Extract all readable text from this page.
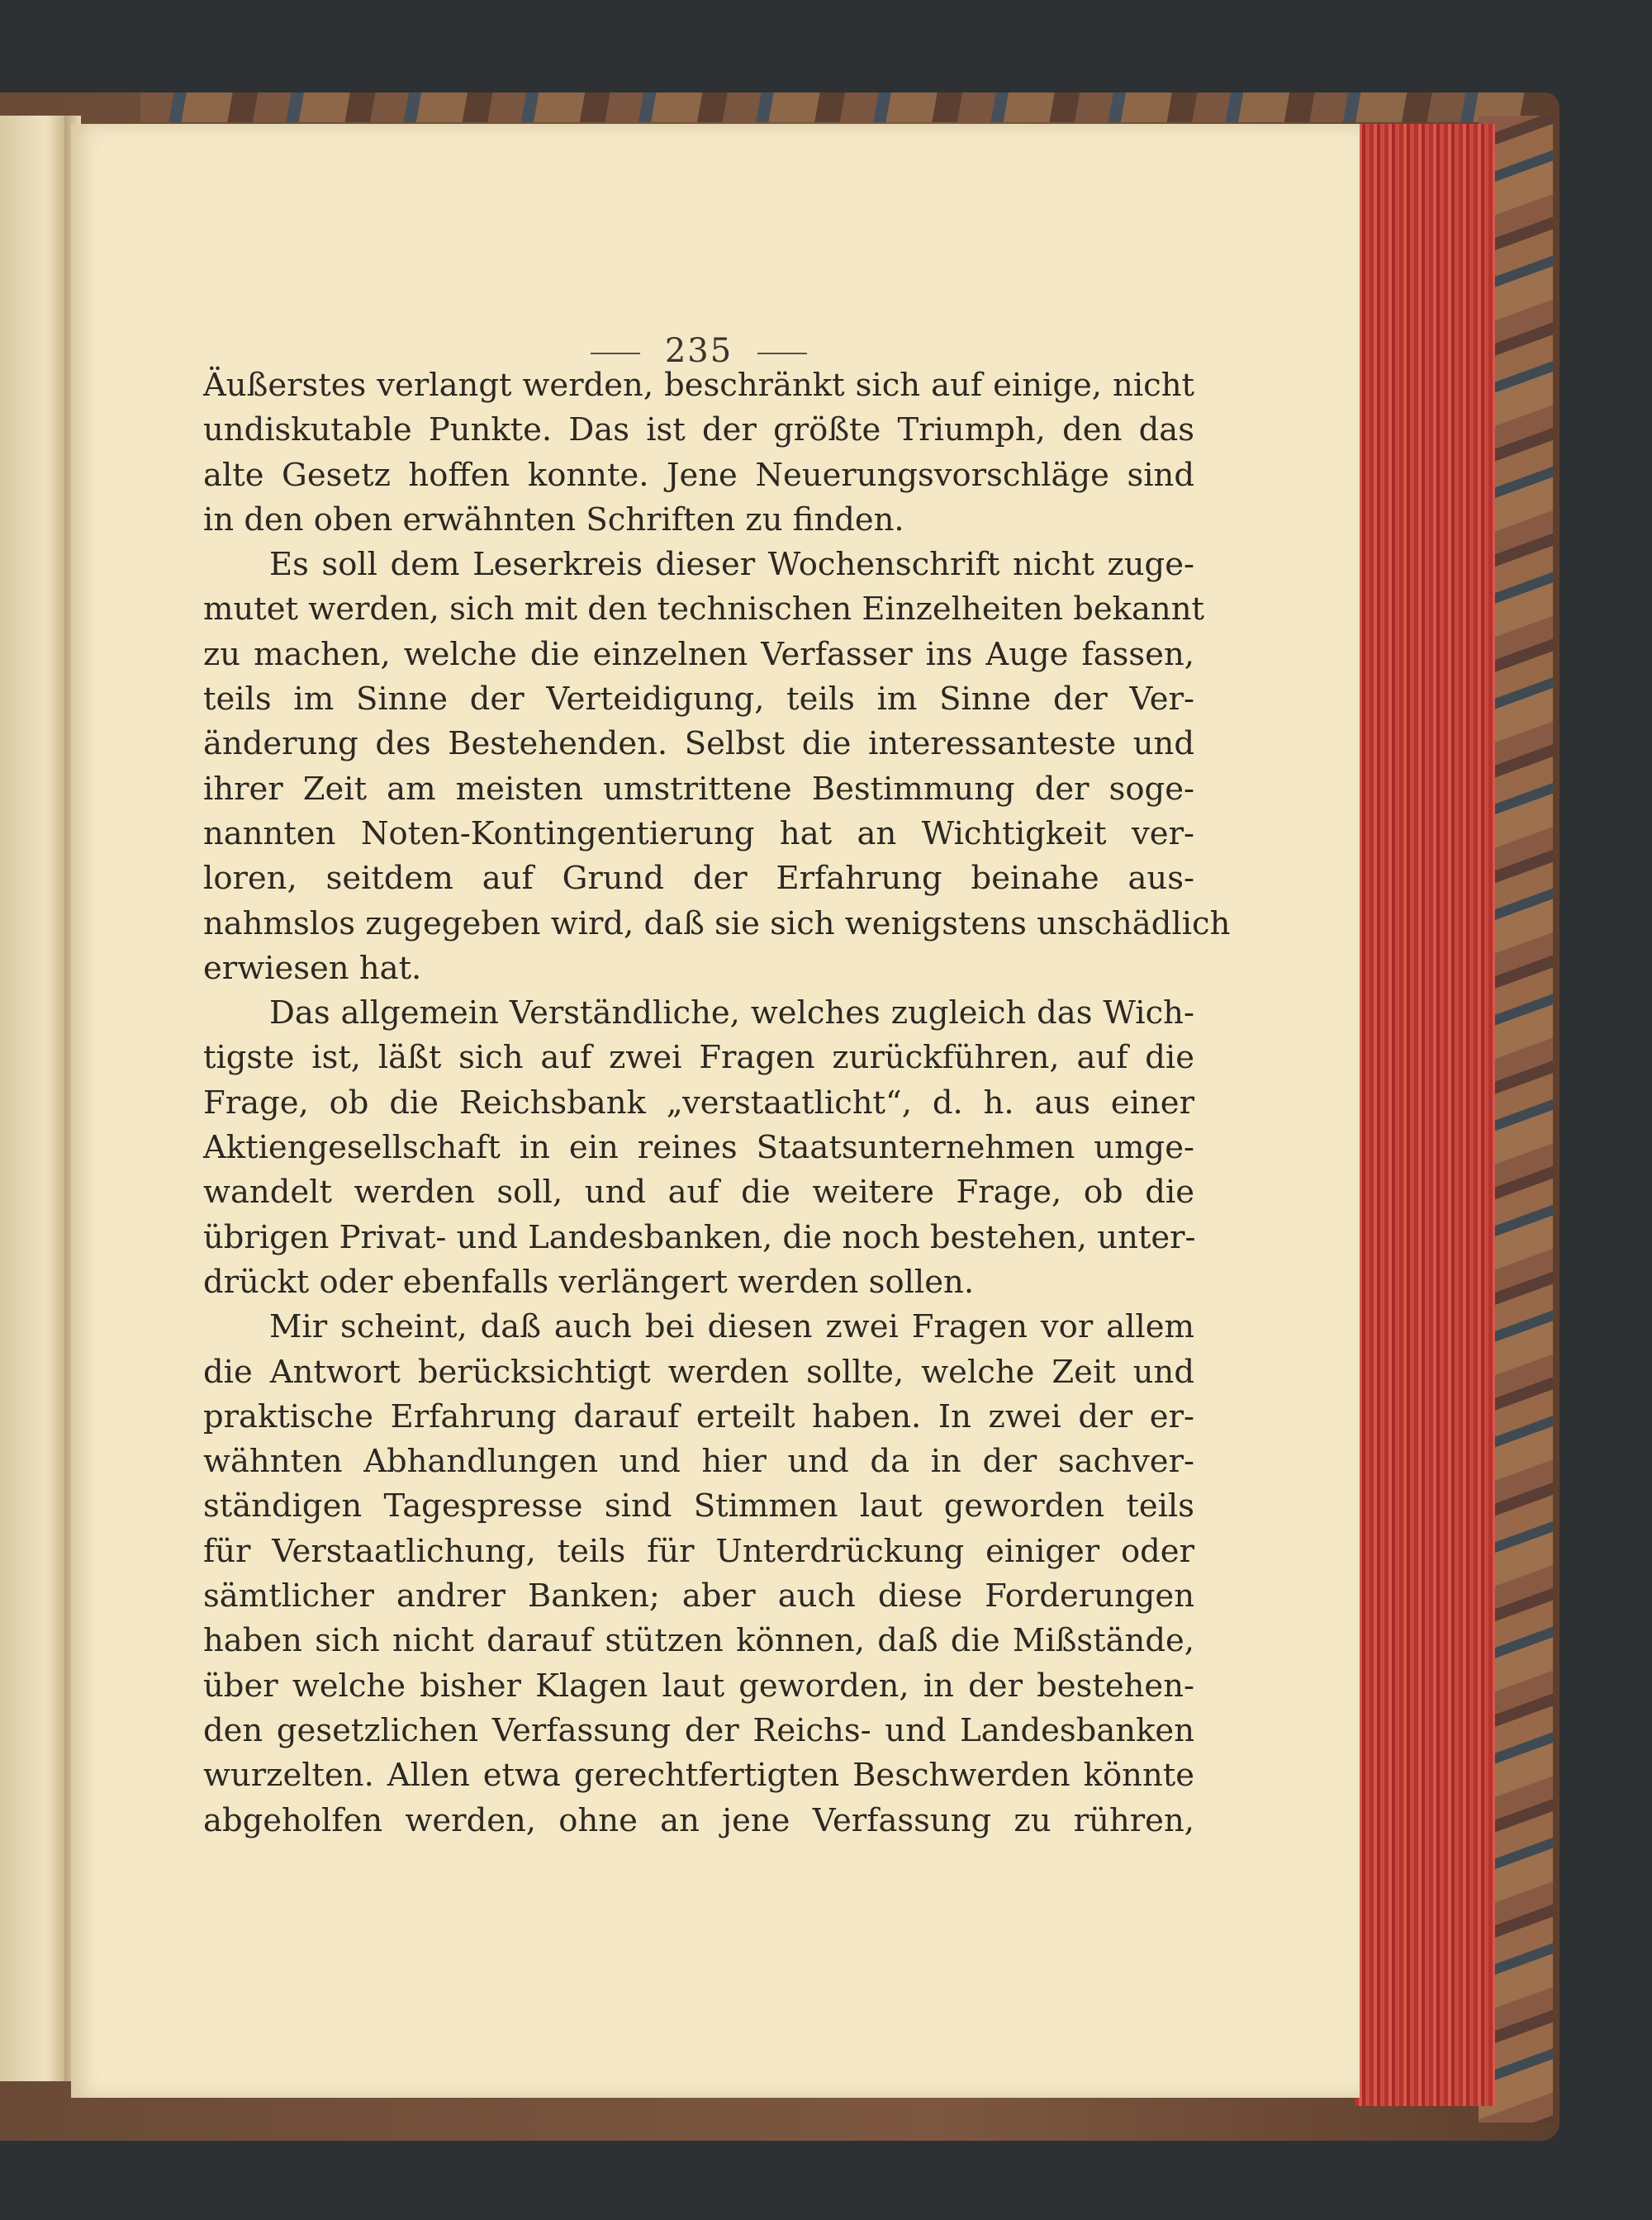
235
Äußerstes verlangt werden, beschränkt sich auf einige, nicht
undiskutable Punkte. Das ist der größte Triumph, den das
alte Gesetz hoffen konnte. Jene Neuerungsvorschläge sind
in den oben erwähnten Schriften zu finden.
Es soll dem Leserkreis dieser Wochenschrift nicht zuge-
mutet werden, sich mit den technischen Einzelheiten bekannt
zu machen, welche die einzelnen Verfasser ins Auge fassen,
teils im Sinne der Verteidigung, teils im Sinne der Ver-
änderung des Bestehenden. Selbst die interessanteste und
ihrer Zeit am meisten umstrittene Bestimmung der soge-
nannten Noten-Kontingentierung hat an Wichtigkeit ver-
loren, seitdem auf Grund der Erfahrung beinahe aus-
nahmslos zugegeben wird, daß sie sich wenigstens unschädlich
erwiesen hat.
Das allgemein Verständliche, welches zugleich das Wich-
tigste ist, läßt sich auf zwei Fragen zurückführen, auf die
Frage, ob die Reichsbank „verstaatlicht“, d. h. aus einer
Aktiengesellschaft in ein reines Staatsunternehmen umge-
wandelt werden soll, und auf die weitere Frage, ob die
übrigen Privat- und Landesbanken, die noch bestehen, unter-
drückt oder ebenfalls verlängert werden sollen.
Mir scheint, daß auch bei diesen zwei Fragen vor allem
die Antwort berücksichtigt werden sollte, welche Zeit und
praktische Erfahrung darauf erteilt haben. In zwei der er-
wähnten Abhandlungen und hier und da in der sachver-
ständigen Tagespresse sind Stimmen laut geworden teils
für Verstaatlichung, teils für Unterdrückung einiger oder
sämtlicher andrer Banken; aber auch diese Forderungen
haben sich nicht darauf stützen können, daß die Mißstände,
über welche bisher Klagen laut geworden, in der bestehen-
den gesetzlichen Verfassung der Reichs- und Landesbanken
wurzelten. Allen etwa gerechtfertigten Beschwerden könnte
abgeholfen werden, ohne an jene Verfassung zu rühren,
